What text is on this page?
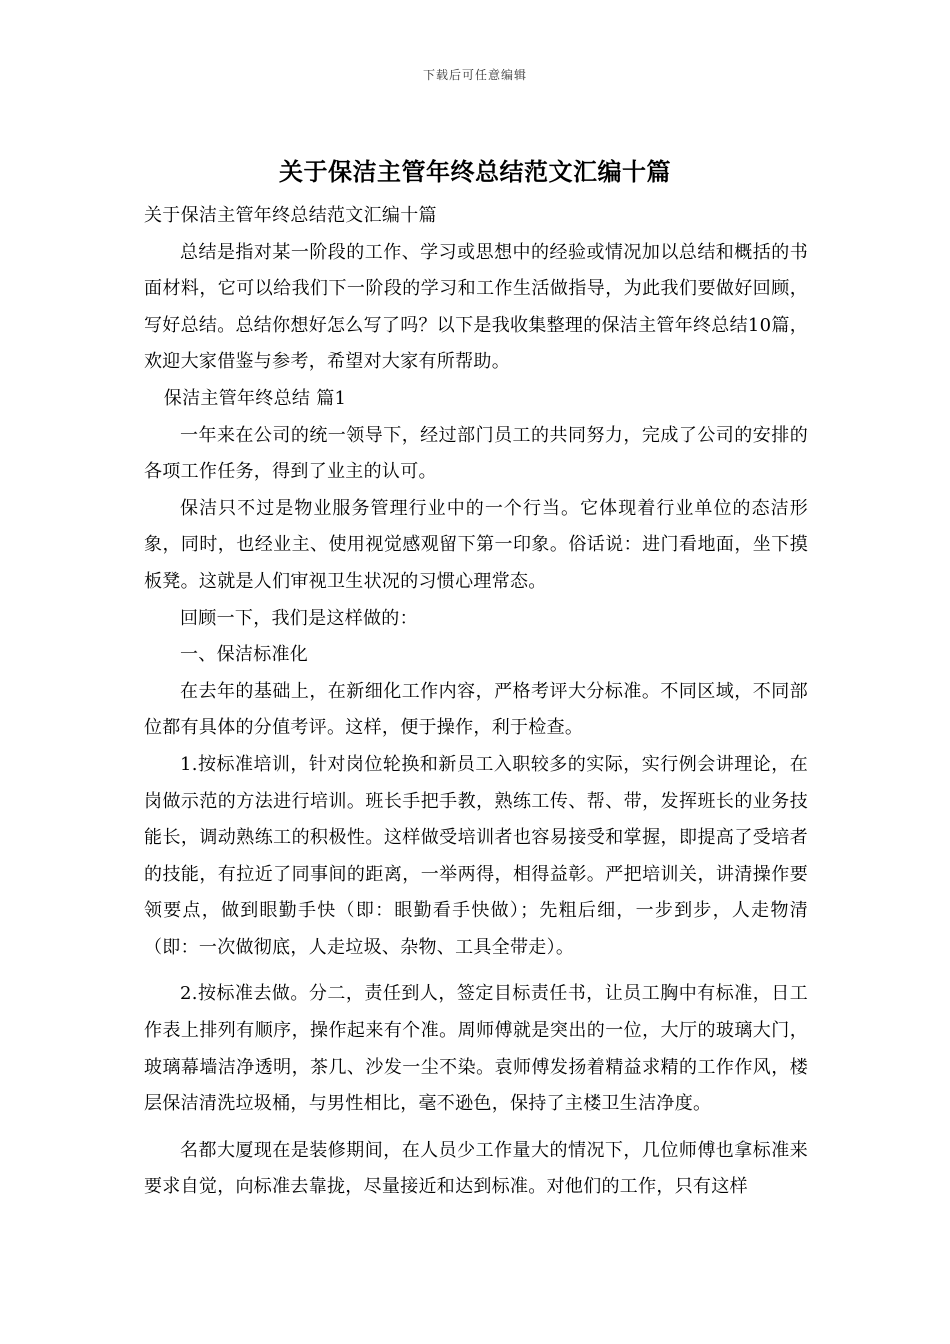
下载后可任意编辑
关于保洁主管年终总结范文汇编十篇

关于保洁主管年终总结范文汇编十篇

总结是指对某一阶段的工作、学习或思想中的经验或情况加以总结和概括的书面材料，它可以给我们下一阶段的学习和工作生活做指导，为此我们要做好回顾，写好总结。总结你想好怎么写了吗？以下是我收集整理的保洁主管年终总结10篇，欢迎大家借鉴与参考，希望对大家有所帮助。

保洁主管年终总结 篇1

一年来在公司的统一领导下，经过部门员工的共同努力，完成了公司的安排的各项工作任务，得到了业主的认可。

保洁只不过是物业服务管理行业中的一个行当。它体现着行业单位的态洁形象，同时，也经业主、使用视觉感观留下第一印象。俗话说：进门看地面，坐下摸板凳。这就是人们审视卫生状况的习惯心理常态。

回顾一下，我们是这样做的：

一、保洁标准化

在去年的基础上，在新细化工作内容，严格考评大分标准。不同区域，不同部位都有具体的分值考评。这样，便于操作，利于检查。

1.按标准培训，针对岗位轮换和新员工入职较多的实际，实行例会讲理论，在岗做示范的方法进行培训。班长手把手教，熟练工传、帮、带，发挥班长的业务技能长，调动熟练工的积极性。这样做受培训者也容易接受和掌握，即提高了受培者的技能，有拉近了同事间的距离，一举两得，相得益彰。严把培训关，讲清操作要领要点，做到眼勤手快（即：眼勤看手快做）；先粗后细，一步到步，人走物清（即：一次做彻底，人走垃圾、杂物、工具全带走）。

2.按标准去做。分二，责任到人，签定目标责任书，让员工胸中有标准，日工作表上排列有顺序，操作起来有个准。周师傅就是突出的一位，大厅的玻璃大门，玻璃幕墙洁净透明，茶几、沙发一尘不染。袁师傅发扬着精益求精的工作作风，楼层保洁清洗垃圾桶，与男性相比，毫不逊色，保持了主楼卫生洁净度。

名都大厦现在是装修期间，在人员少工作量大的情况下，几位师傅也拿标准来要求自觉，向标准去靠拢，尽量接近和达到标准。对他们的工作，只有这样
